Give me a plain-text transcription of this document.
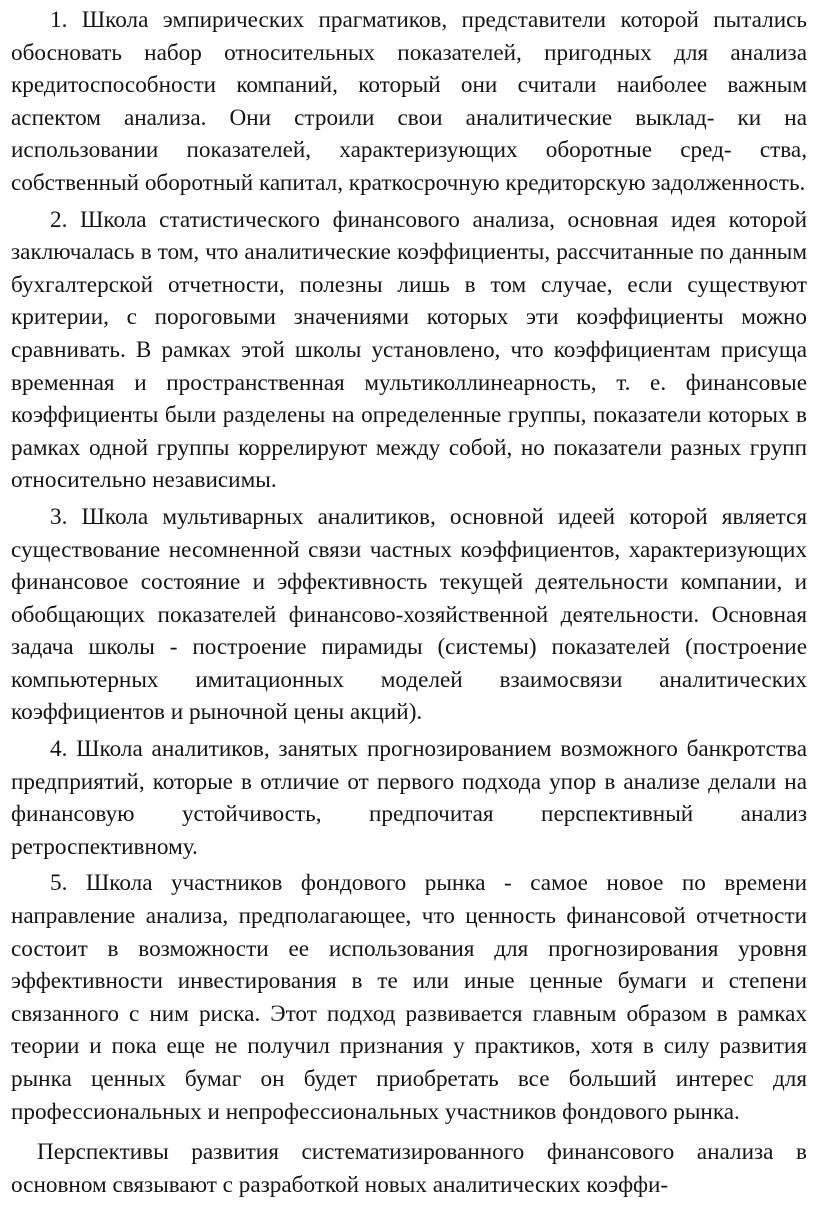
1. Школа эмпирических прагматиков, представители которой пытались обосновать набор относительных показателей, пригодных для анализа кредитоспособности компаний, который они считали наиболее важным аспектом анализа. Они строили свои аналитические выклад- ки на использовании показателей, характеризующих оборотные сред- ства, собственный оборотный капитал, краткосрочную кредиторскую задолженность.

2. Школа статистического финансового анализа, основная идея которой заключалась в том, что аналитические коэффициенты, рассчитанные по данным бухгалтерской отчетности, полезны лишь в том случае, если существуют критерии, с пороговыми значениями которых эти коэффициенты можно сравнивать. В рамках этой школы установлено, что коэффициентам присуща временная и пространственная мультиколлинеарность, т. е. финансовые коэффициенты были разделены на определенные группы, показатели которых в рамках одной группы коррелируют между собой, но показатели разных групп относительно независимы.

3. Школа мультиварных аналитиков, основной идеей которой является существование несомненной связи частных коэффициентов, характеризующих финансовое состояние и эффективность текущей деятельности компании, и обобщающих показателей финансово-хозяйственной деятельности. Основная задача школы - построение пирамиды (системы) показателей (построение компьютерных имитационных моделей взаимосвязи аналитических коэффициентов и рыночной цены акций).

4. Школа аналитиков, занятых прогнозированием возможного банкротства предприятий, которые в отличие от первого подхода упор в анализе делали на финансовую устойчивость, предпочитая перспективный анализ ретроспективному.

5. Школа участников фондового рынка - самое новое по времени направление анализа, предполагающее, что ценность финансовой отчетности состоит в возможности ее использования для прогнозирования уровня эффективности инвестирования в те или иные ценные бумаги и степени связанного с ним риска. Этот подход развивается главным образом в рамках теории и пока еще не получил признания у практиков, хотя в силу развития рынка ценных бумаг он будет приобретать все больший интерес для профессиональных и непрофессиональных участников фондового рынка.

Перспективы развития систематизированного финансового анализа в основном связывают с разработкой новых аналитических коэффи-
